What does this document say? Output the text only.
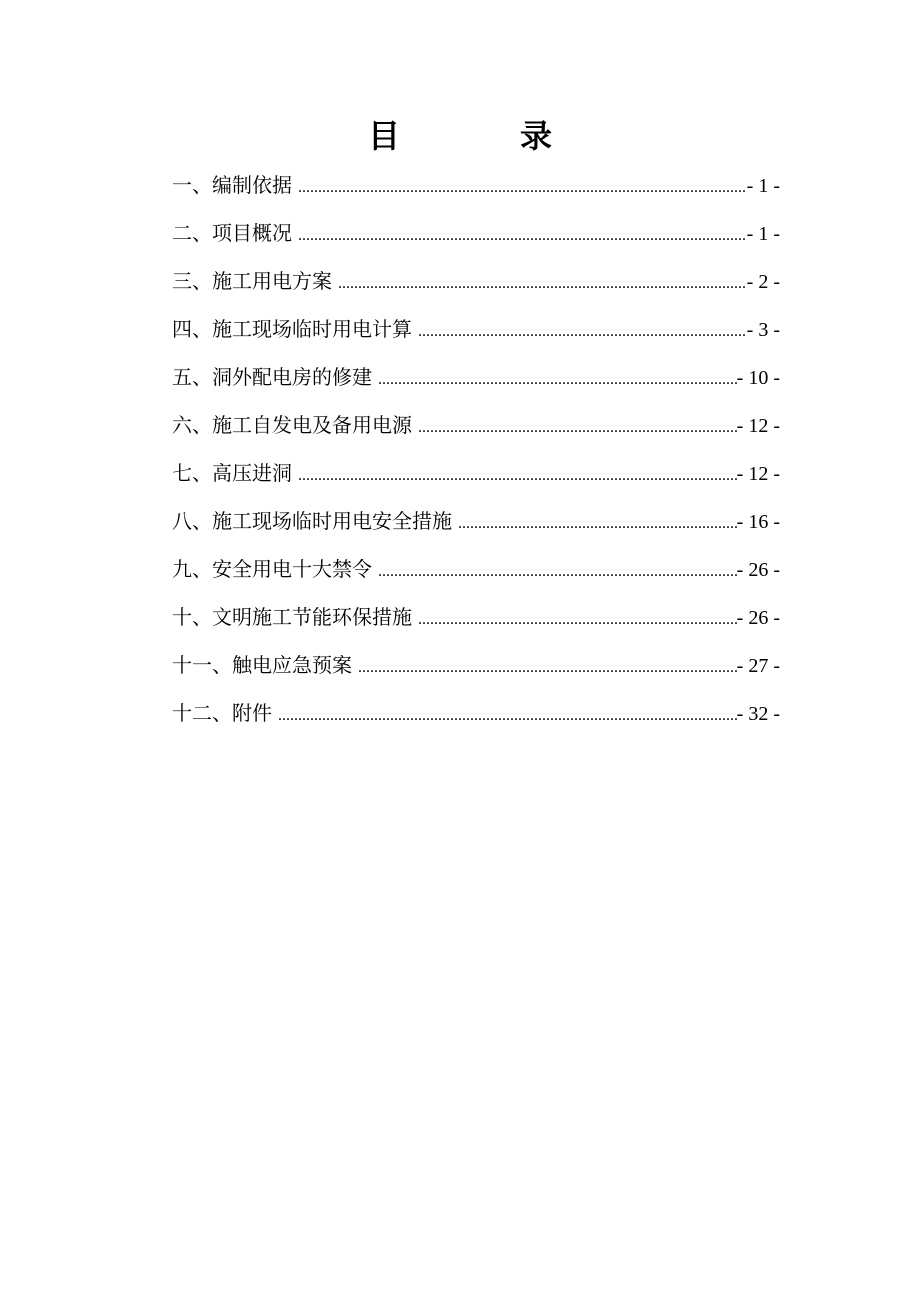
目　录
一、编制依据 .....	- 1 -
二、项目概况 .....	- 1 -
三、施工用电方案 .....	- 2 -
四、施工现场临时用电计算 .....	- 3 -
五、洞外配电房的修建 .....	- 10 -
六、施工自发电及备用电源 .....	- 12 -
七、高压进洞 .....	- 12 -
八、施工现场临时用电安全措施 .....	- 16 -
九、安全用电十大禁令 .....	- 26 -
十、文明施工节能环保措施 .....	- 26 -
十一、触电应急预案 .....	- 27 -
十二、附件 .....	- 32 -
